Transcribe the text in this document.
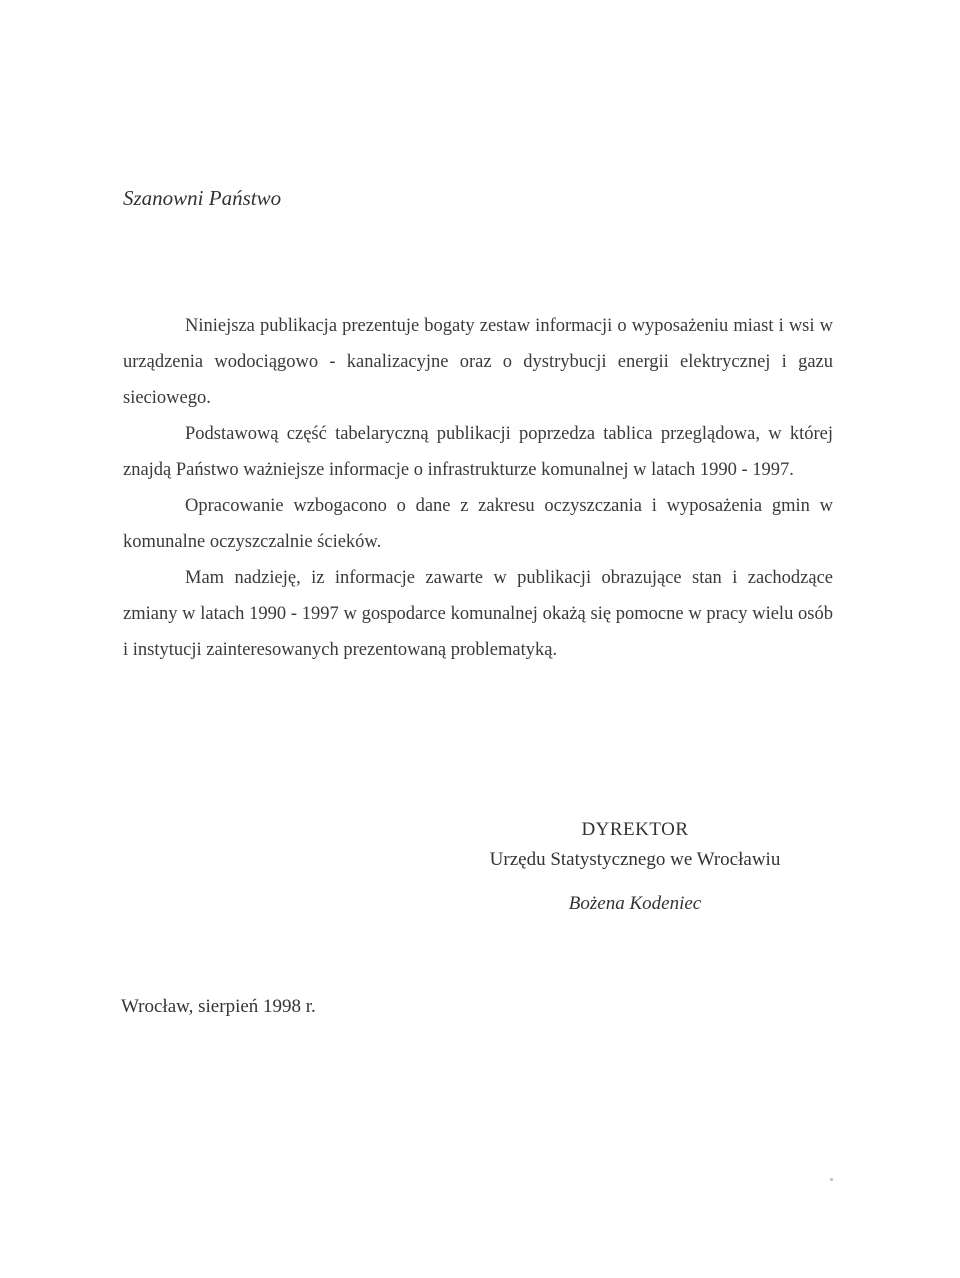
Szanowni Państwo

Niniejsza publikacja prezentuje bogaty zestaw informacji o wyposażeniu miast i wsi w urządzenia wodociągowo - kanalizacyjne oraz o dystrybucji energii elektrycznej i gazu sieciowego.

Podstawową część tabelaryczną publikacji poprzedza tablica przeglądowa, w której znajdą Państwo ważniejsze informacje o infrastrukturze komunalnej w latach 1990 - 1997.

Opracowanie wzbogacono o dane z zakresu oczyszczania i wyposażenia gmin w komunalne oczyszczalnie ścieków.

Mam nadzieję, iz informacje zawarte w publikacji obrazujące stan i zachodzące zmiany w latach 1990 - 1997 w gospodarce komunalnej okażą się pomocne w pracy wielu osób i instytucji zainteresowanych prezentowaną problematyką.

DYREKTOR
Urzędu Statystycznego we Wrocławiu
Bożena Kodeniec
Wrocław, sierpień 1998 r.
